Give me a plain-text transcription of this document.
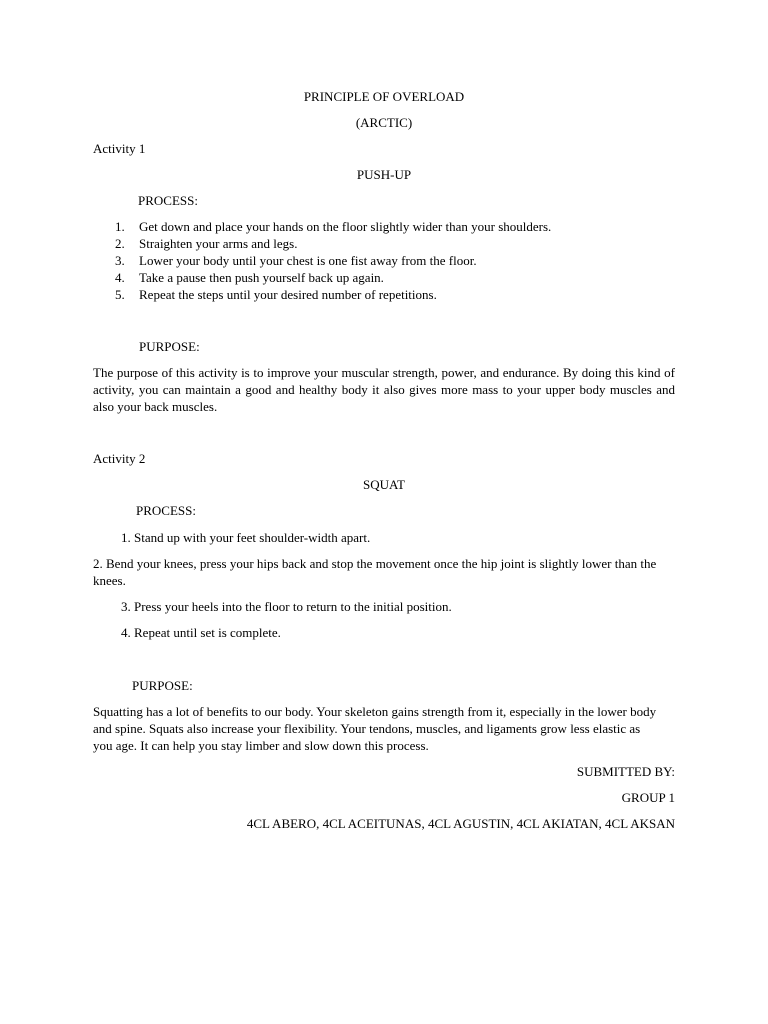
PRINCIPLE OF OVERLOAD

(ARCTIC)

Activity 1

PUSH-UP

PROCESS:

1.	Get down and place your hands on the floor slightly wider than your shoulders.
2.	Straighten your arms and legs.
3.	Lower your body until your chest is one fist away from the floor.
4.	Take a pause then push yourself back up again.
5.	Repeat the steps until your desired number of repetitions.

PURPOSE:

The purpose of this activity is to improve your muscular strength, power, and endurance. By doing this kind of activity, you can maintain a good and healthy body it also gives more mass to your upper body muscles and also your back muscles.

Activity 2

SQUAT

PROCESS:

1. Stand up with your feet shoulder-width apart.

2. Bend your knees, press your hips back and stop the movement once the hip joint is slightly lower than the knees.

3. Press your heels into the floor to return to the initial position.

4. Repeat until set is complete.

PURPOSE:

Squatting has a lot of benefits to our body. Your skeleton gains strength from it, especially in the lower body and spine. Squats also increase your flexibility. Your tendons, muscles, and ligaments grow less elastic as you age. It can help you stay limber and slow down this process.

SUBMITTED BY:

GROUP 1

4CL ABERO, 4CL ACEITUNAS, 4CL AGUSTIN, 4CL AKIATAN, 4CL AKSAN
